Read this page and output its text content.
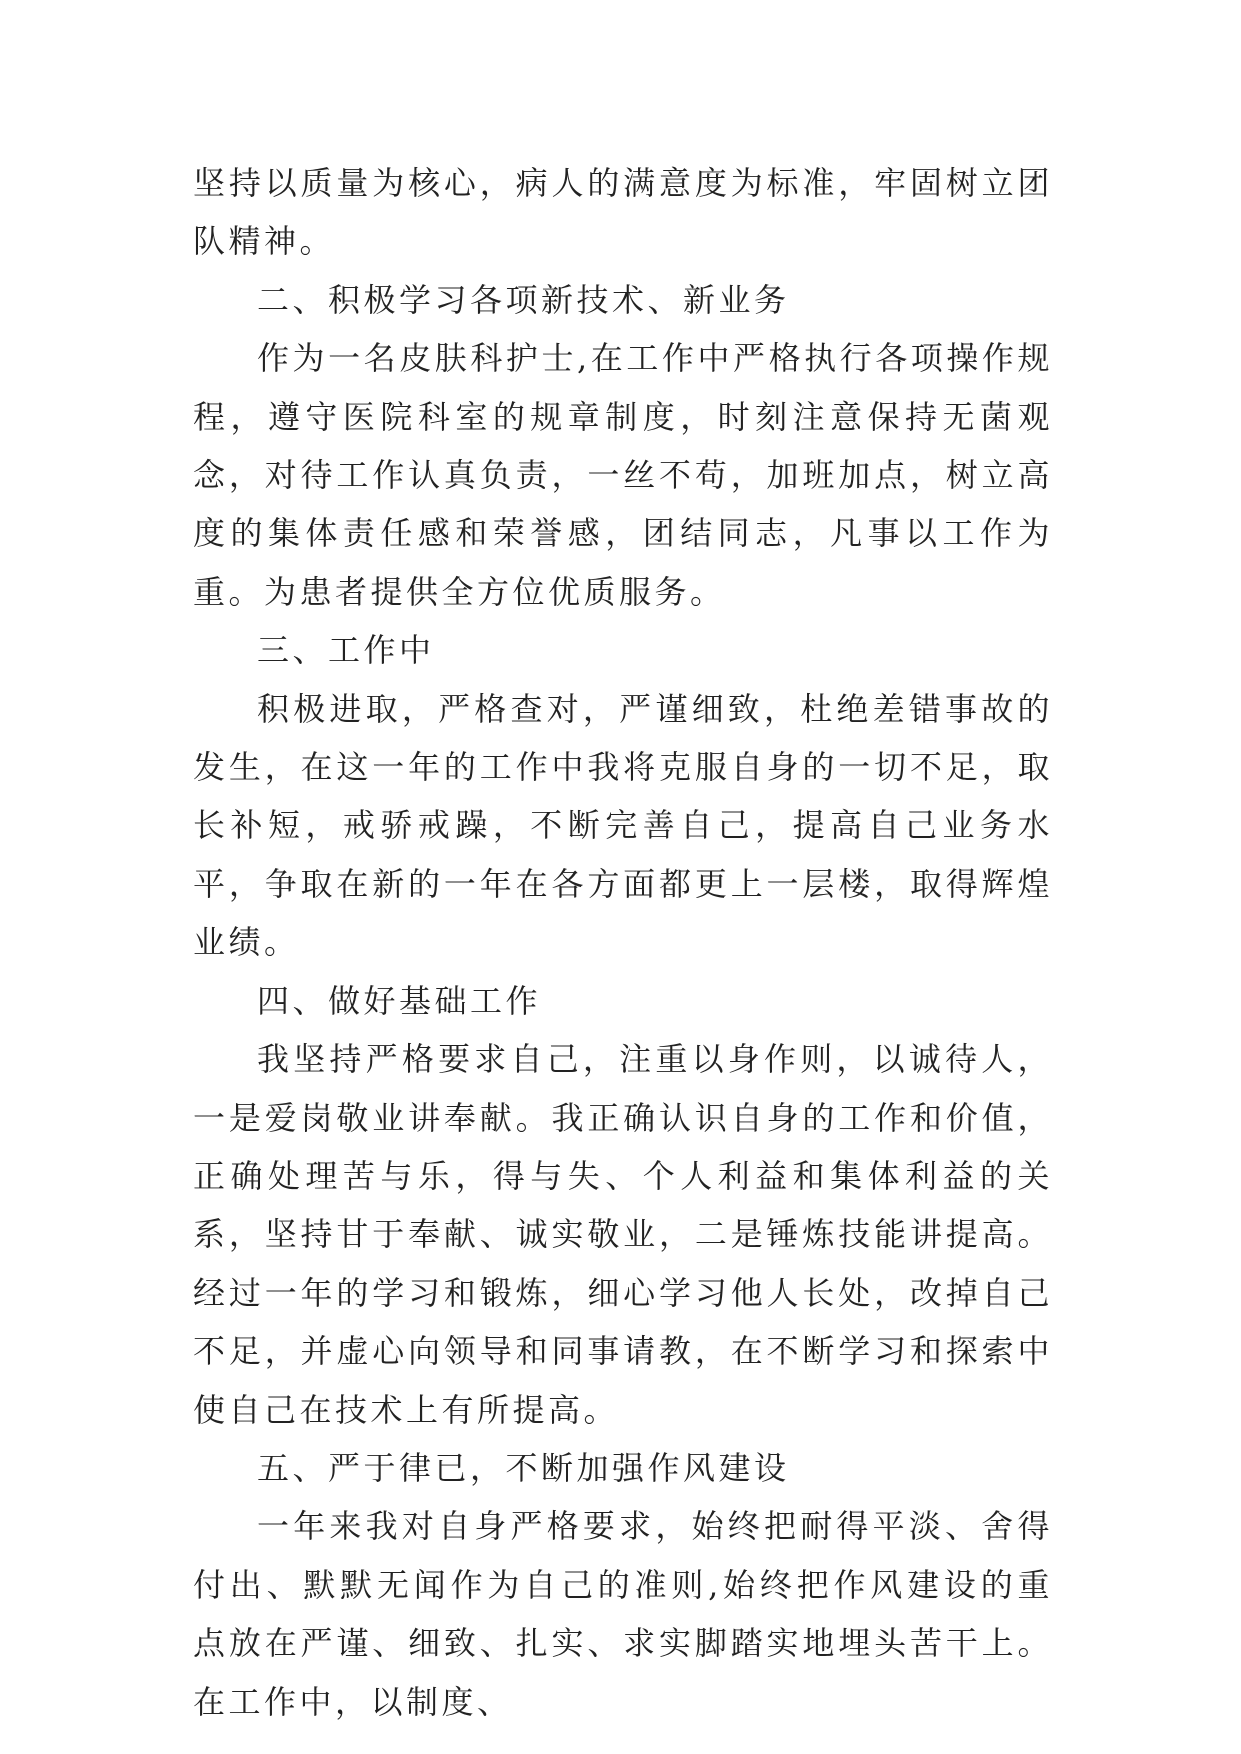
坚持以质量为核心，病人的满意度为标准，牢固树立团队精神。

二、积极学习各项新技术、新业务

作为一名皮肤科护士,在工作中严格执行各项操作规程，遵守医院科室的规章制度，时刻注意保持无菌观念，对待工作认真负责，一丝不苟，加班加点，树立高度的集体责任感和荣誉感，团结同志，凡事以工作为重。为患者提供全方位优质服务。

三、工作中

积极进取，严格查对，严谨细致，杜绝差错事故的发生，在这一年的工作中我将克服自身的一切不足，取长补短，戒骄戒躁，不断完善自己，提高自己业务水平，争取在新的一年在各方面都更上一层楼，取得辉煌业绩。

四、做好基础工作

我坚持严格要求自己，注重以身作则，以诚待人，一是爱岗敬业讲奉献。我正确认识自身的工作和价值，正确处理苦与乐，得与失、个人利益和集体利益的关系，坚持甘于奉献、诚实敬业，二是锤炼技能讲提高。经过一年的学习和锻炼，细心学习他人长处，改掉自己不足，并虚心向领导和同事请教，在不断学习和探索中使自己在技术上有所提高。

五、严于律已，不断加强作风建设

一年来我对自身严格要求，始终把耐得平淡、舍得付出、默默无闻作为自己的准则,始终把作风建设的重点放在严谨、细致、扎实、求实脚踏实地埋头苦干上。在工作中，以制度、
